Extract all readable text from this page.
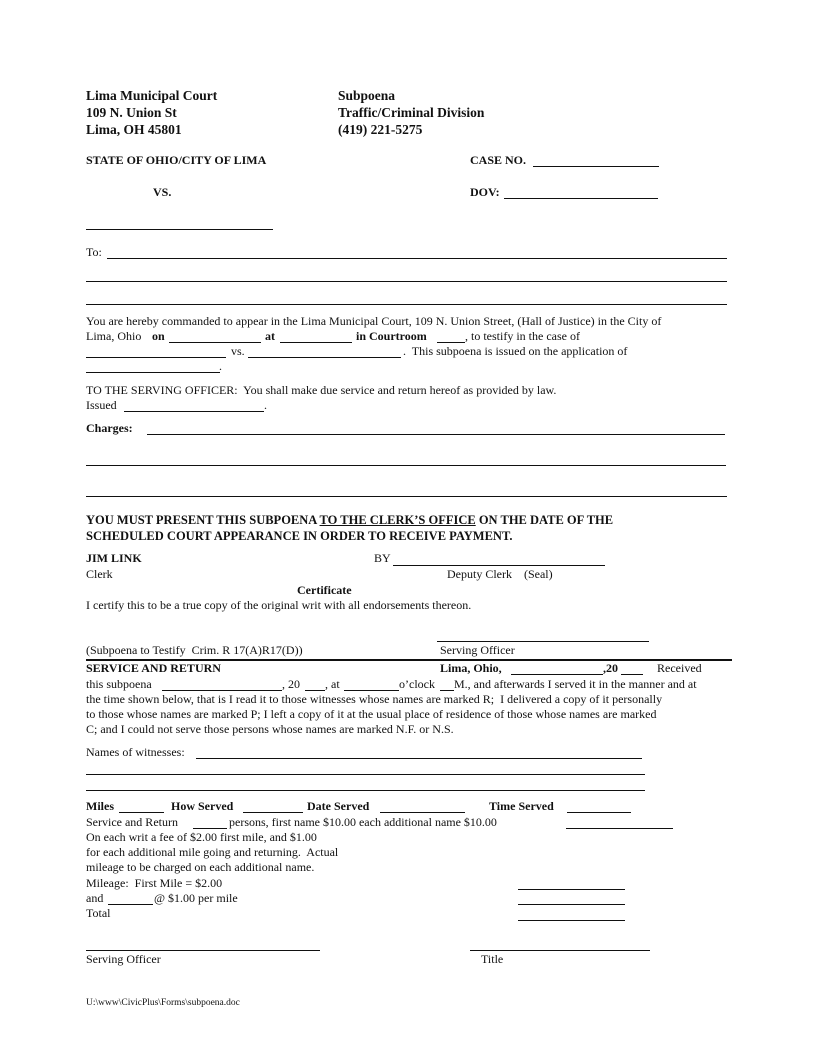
Lima Municipal Court
109 N. Union St
Lima, OH 45801
Subpoena
Traffic/Criminal Division
(419) 221-5275
STATE OF OHIO/CITY OF LIMA	CASE NO.
VS.	DOV:
To:
You are hereby commanded to appear in the Lima Municipal Court, 109 N. Union Street, (Hall of Justice) in the City of
Lima, Ohio on	at	in Courtroom	, to testify in the case of
vs.	.  This subpoena is issued on the application of
.
TO THE SERVING OFFICER:  You shall make due service and return hereof as provided by law.
Issued	.
Charges:
YOU MUST PRESENT THIS SUBPOENA TO THE CLERK’S OFFICE ON THE DATE OF THE
SCHEDULED COURT APPEARANCE IN ORDER TO RECEIVE PAYMENT.
JIM LINK
Clerk
BY
Deputy Clerk    (Seal)
Certificate
I certify this to be a true copy of the original writ with all endorsements thereon.
(Subpoena to Testify  Crim. R 17(A)R17(D))	Serving Officer
SERVICE AND RETURN	Lima, Ohio,	,20	Received
this subpoena	, 20 , at	o’clock M., and afterwards I served it in the manner and at
the time shown below, that is I read it to those witnesses whose names are marked R;  I delivered a copy of it personally
to those whose names are marked P; I left a copy of it at the usual place of residence of those whose names are marked
C; and I could not serve those persons whose names are marked N.F. or N.S.
Names of witnesses:
Miles	How Served	Date Served	Time Served
Service and Return	persons, first name $10.00 each additional name $10.00
On each writ a fee of $2.00 first mile, and $1.00
for each additional mile going and returning.  Actual
mileage to be charged on each additional name.
Mileage:  First Mile = $2.00
and	@ $1.00 per mile
Total
Serving Officer	Title
U:\www\CivicPlus\Forms\subpoena.doc
